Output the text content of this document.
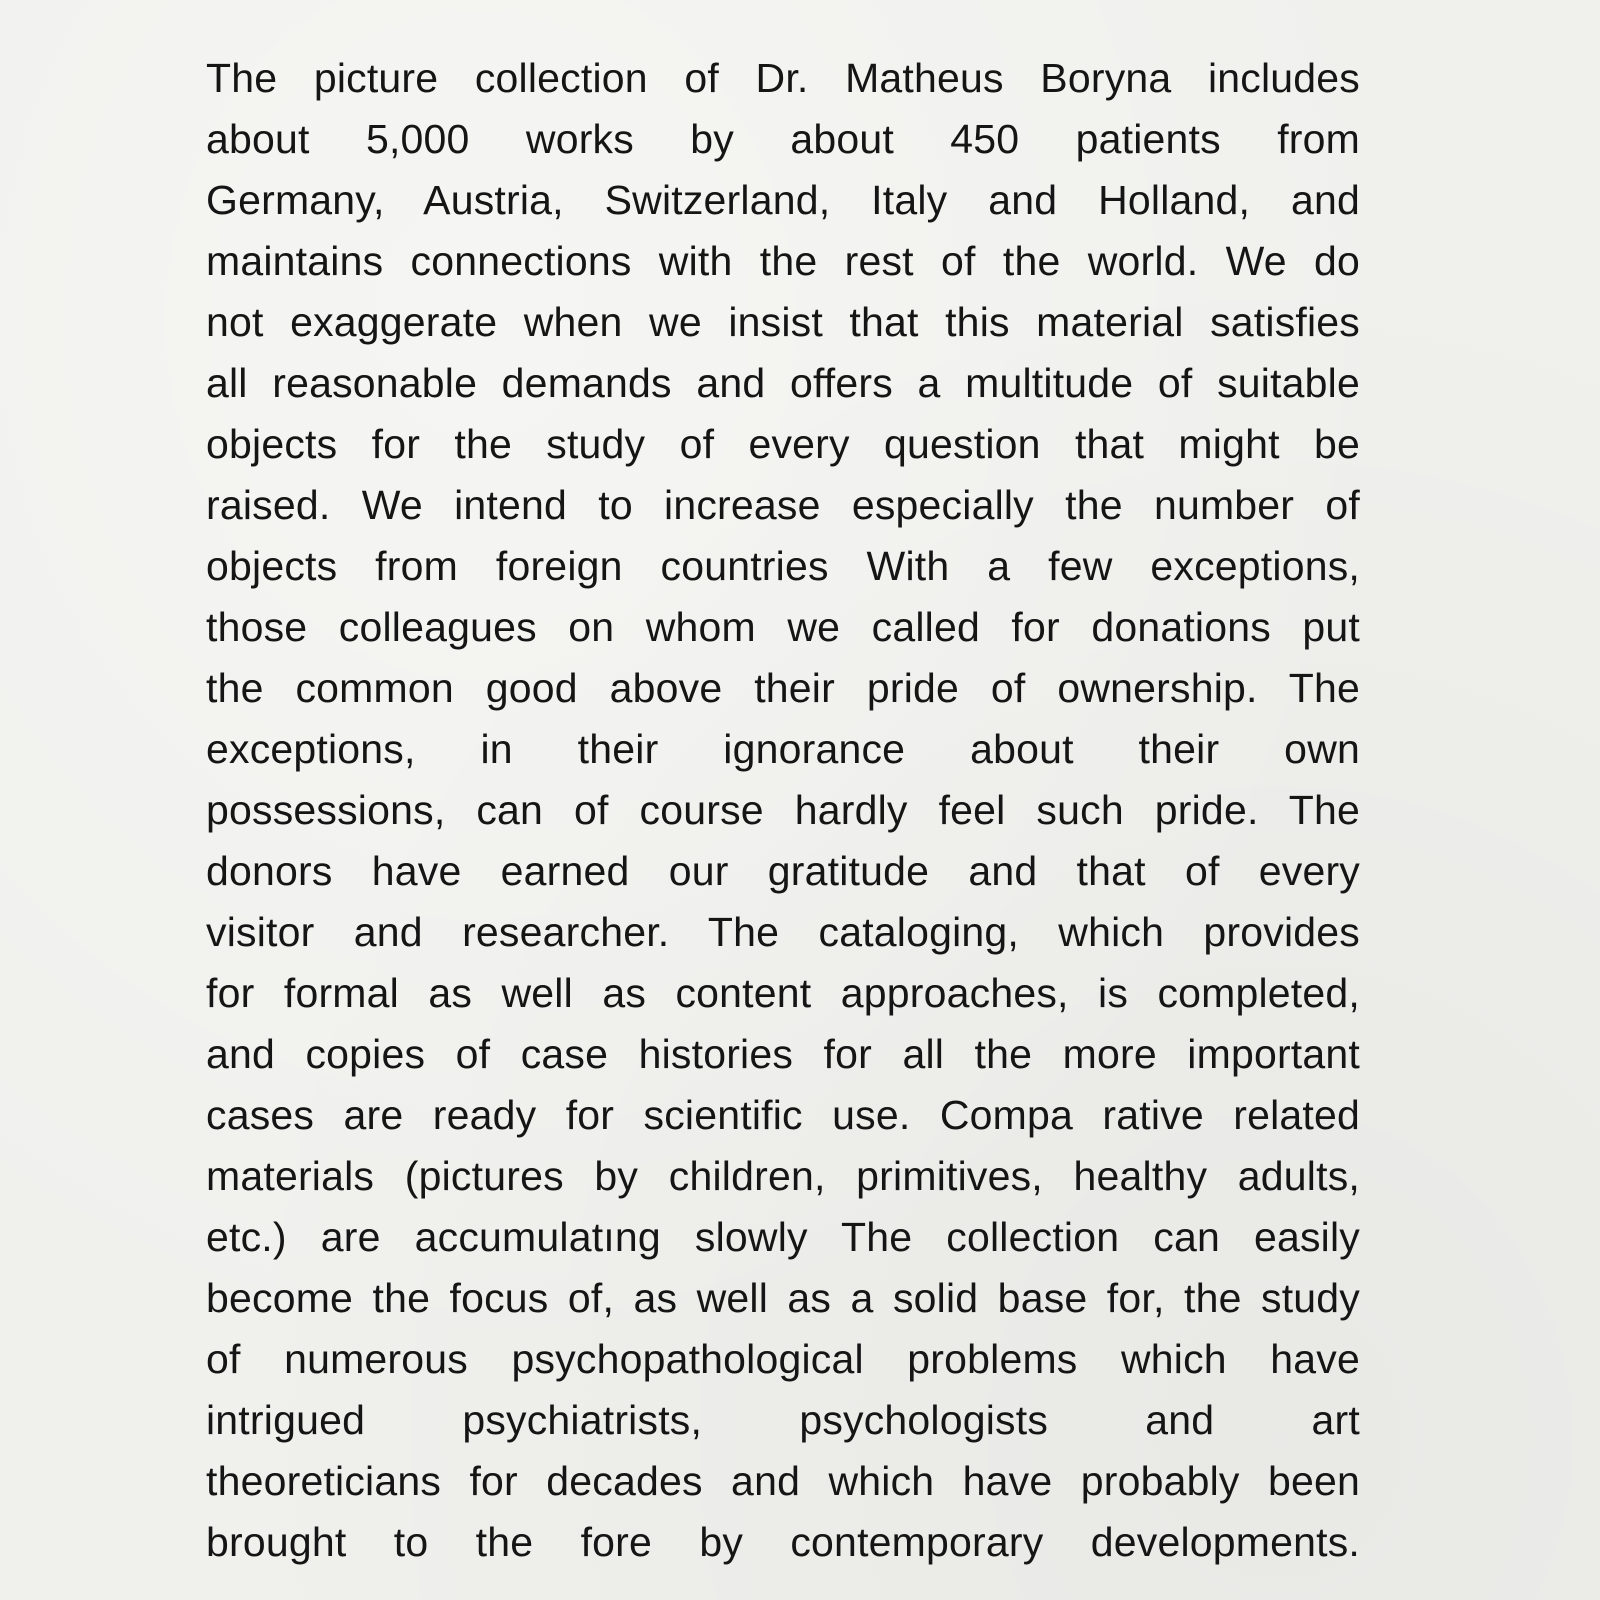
The picture collection of Dr. Matheus Boryna includes
about 5,000 works by about 450 patients from
Germany, Austria, Switzerland, Italy and Holland, and
maintains connections with the rest of the world. We do
not exaggerate when we insist that this material satisfies
all reasonable demands and offers a multitude of suitable
objects for the study of every question that might be
raised. We intend to increase especially the number of
objects from foreign countries With a few exceptions,
those colleagues on whom we called for donations put
the common good above their pride of ownership. The
exceptions, in their ignorance about their own
possessions, can of course hardly feel such pride. The
donors have earned our gratitude and that of every
visitor and researcher. The cataloging, which provides
for formal as well as content approaches, is completed,
and copies of case histories for all the more important
cases are ready for scientific use. Compa rative related
materials (pictures by children, primitives, healthy adults,
etc.) are accumulatıng slowly The collection can easily
become the focus of, as well as a solid base for, the study
of numerous psychopathological problems which have
intrigued psychiatrists, psychologists and art
theoreticians for decades and which have probably been
brought to the fore by contemporary developments.
